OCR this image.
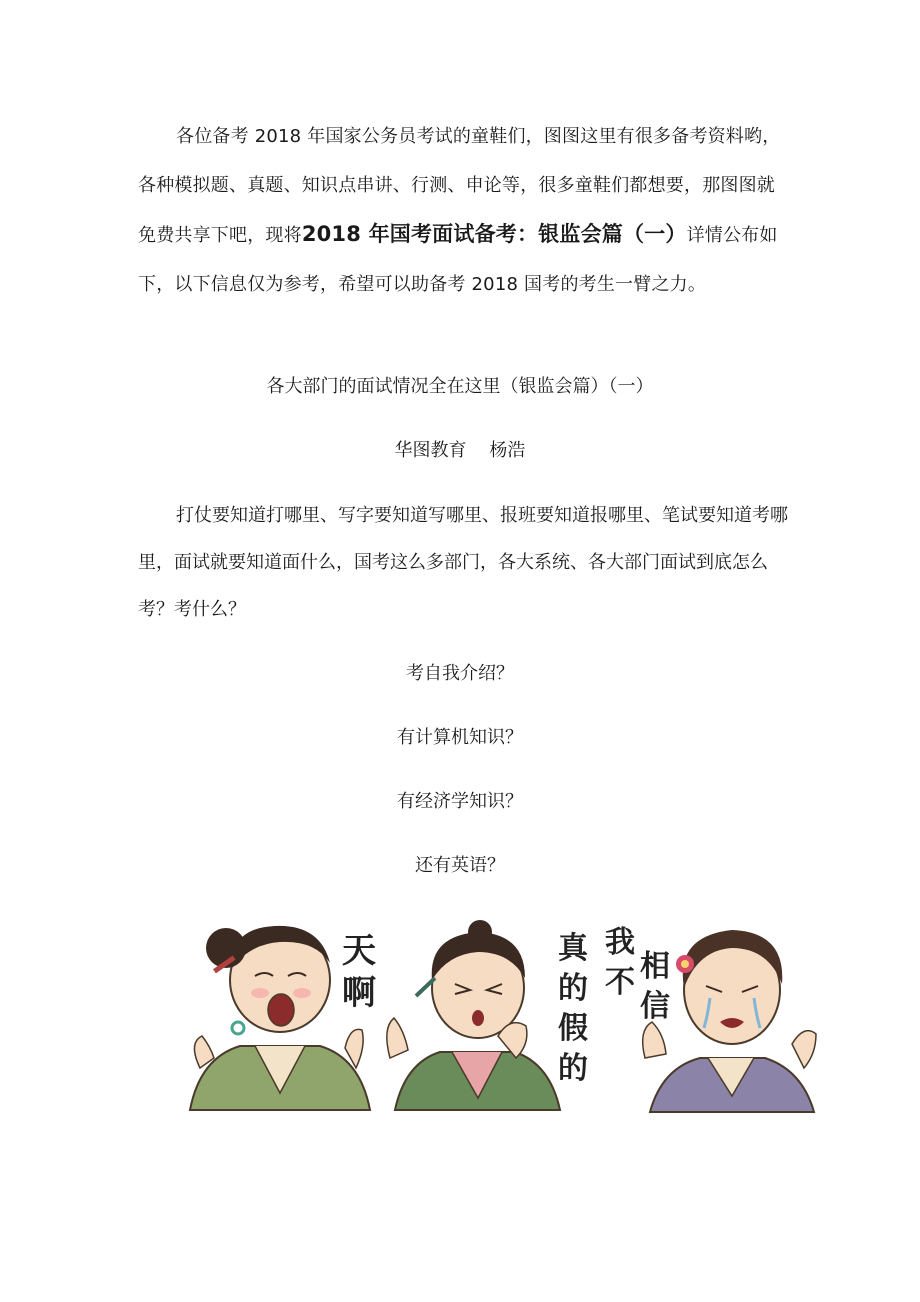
各位备考 2018 年国家公务员考试的童鞋们，图图这里有很多备考资料哟，各种模拟题、真题、知识点串讲、行测、申论等，很多童鞋们都想要，那图图就免费共享下吧，现将2018 年国考面试备考：银监会篇（一）详情公布如下，以下信息仅为参考，希望可以助备考 2018 国考的考生一臂之力。
各大部门的面试情况全在这里（银监会篇）（一）
华图教育    杨浩
打仗要知道打哪里、写字要知道写哪里、报班要知道报哪里、笔试要知道考哪里，面试就要知道面什么，国考这么多部门，各大系统、各大部门面试到底怎么考？考什么？
考自我介绍？
有计算机知识？
有经济学知识？
还有英语？
天
啊
真
的
假
的
我
不 相
信
